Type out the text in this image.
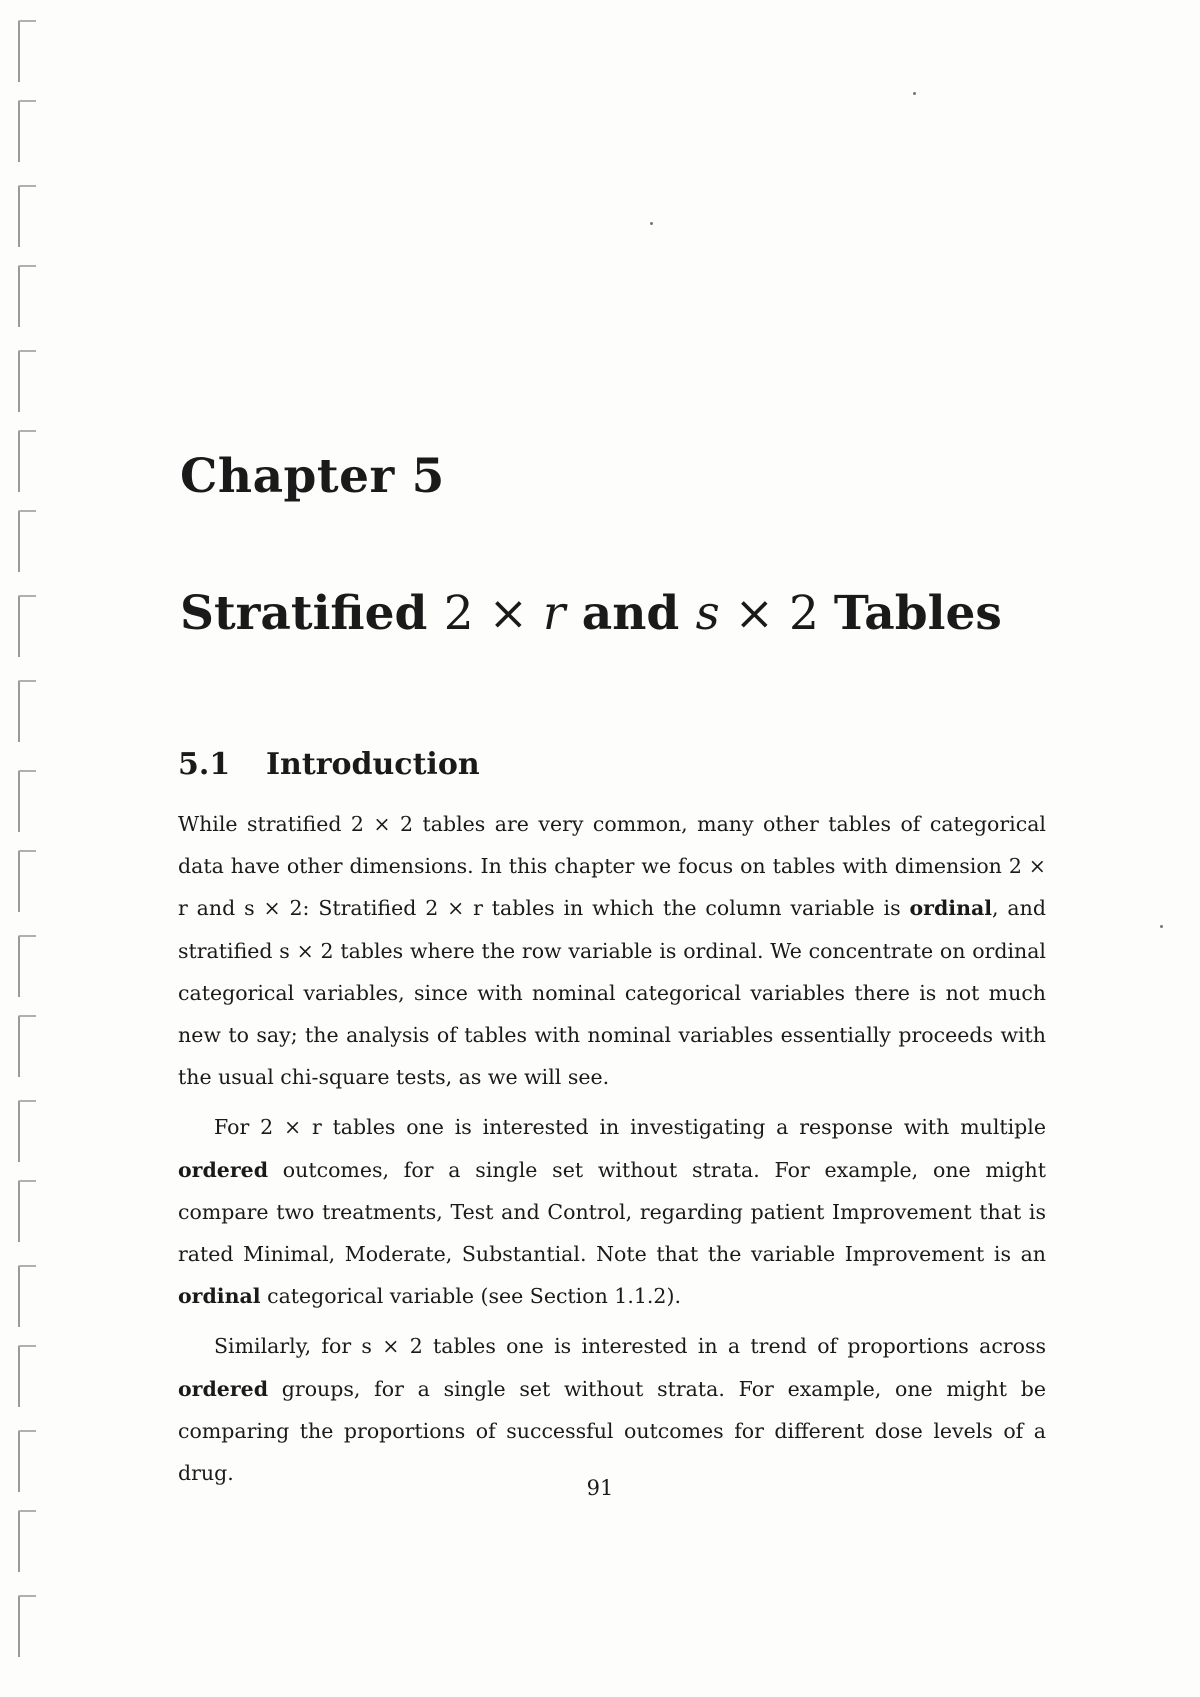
Chapter 5
Stratified 2 × r and s × 2 Tables
5.1 Introduction

While stratified 2 × 2 tables are very common, many other tables of categorical data have other dimensions. In this chapter we focus on tables with dimension 2 × r and s × 2: Stratified 2 × r tables in which the column variable is ordinal, and stratified s × 2 tables where the row variable is ordinal. We concentrate on ordinal categorical variables, since with nominal categorical variables there is not much new to say; the analysis of tables with nominal variables essentially proceeds with the usual chi-square tests, as we will see.

For 2 × r tables one is interested in investigating a response with multiple ordered outcomes, for a single set without strata. For example, one might compare two treatments, Test and Control, regarding patient Improvement that is rated Minimal, Moderate, Substantial. Note that the variable Improvement is an ordinal categorical variable (see Section 1.1.2).

Similarly, for s × 2 tables one is interested in a trend of proportions across ordered groups, for a single set without strata. For example, one might be comparing the proportions of successful outcomes for different dose levels of a drug.

91
